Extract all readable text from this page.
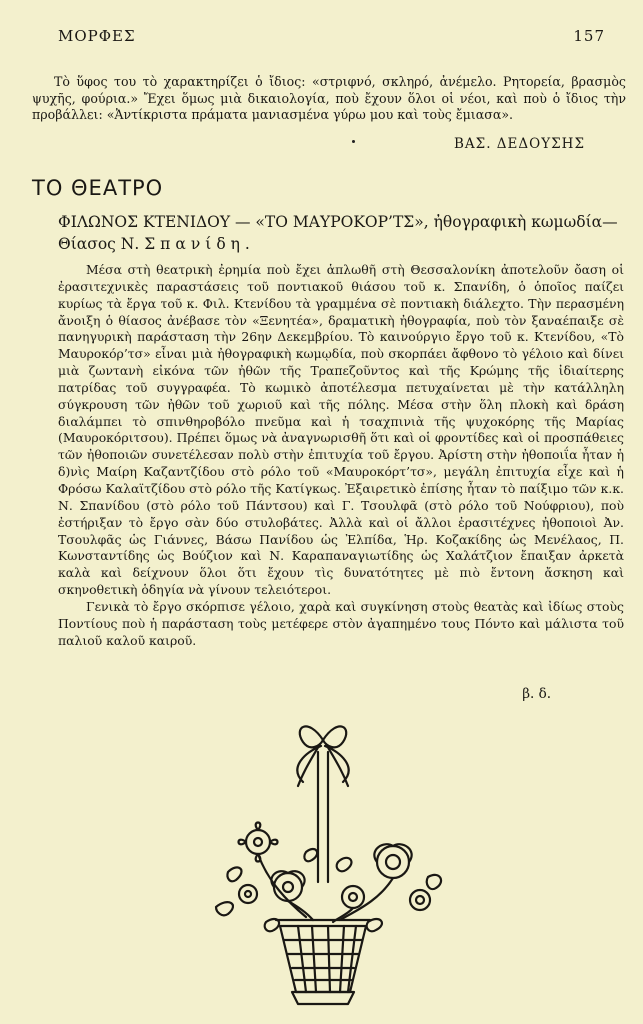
ΜΟΡΦΕΣ	157

Τὸ ὕφος του τὸ χαρακτηρίζει ὁ ἴδιος: «στριφνό, σκληρό, ἀνέμελο. Ρητορεία, βρασμὸς ψυχῆς, φούρια.» Ἔχει ὅμως μιὰ δικαιολογία, ποὺ ἔχουν ὅλοι οἱ νέοι, καὶ ποὺ ὁ ἴδιος τὴν προβάλλει: «Ἀντίκριστα πράματα μανιασμένα γύρω μου καὶ τοὺς ἔμιασα».

ΒΑΣ. ΔΕΔΟΥΣΗΣ
ΤΟ ΘΕΑΤΡΟ
ΦΙΛΩΝΟΣ ΚΤΕΝΙΔΟΥ — «ΤΟ ΜΑΥΡΟΚΟΡ’ΤΣ», ἠθογραφικὴ κωμωδία—Θίασος Ν. Σπανίδη.

Μέσα στὴ θεατρικὴ ἐρημία ποὺ ἔχει ἁπλωθῆ στὴ Θεσσαλονίκη ἀποτελοῦν ὄαση οἱ ἐρασιτεχνικὲς παραστάσεις τοῦ ποντιακοῦ θιάσου τοῦ κ. Σπανίδη, ὁ ὁποῖος παίζει κυρίως τὰ ἔργα τοῦ κ. Φιλ. Κτενίδου τὰ γραμμένα σὲ ποντιακὴ διάλεχτο. Τὴν περασμένη ἄνοιξη ὁ θίασος ἀνέβασε τὸν «Ξενητέα», δραματικὴ ἠθογραφία, ποὺ τὸν ξαναέπαιξε σὲ πανηγυρικὴ παράσταση τὴν 26ην Δεκεμβρίου. Τὸ καινούργιο ἔργο τοῦ κ. Κτενίδου, «Τὸ Μαυροκόρ’τσ» εἶναι μιὰ ἠθογραφικὴ κωμῳδία, ποὺ σκορπάει ἄφθονο τὸ γέλοιο καὶ δίνει μιὰ ζωντανὴ εἰκόνα τῶν ἠθῶν τῆς Τραπεζοῦντος καὶ τῆς Κρώμης τῆς ἰδιαίτερης πατρίδας τοῦ συγγραφέα. Τὸ κωμικὸ ἀποτέλεσμα πετυχαίνεται μὲ τὴν κατάλληλη σύγκρουση τῶν ἠθῶν τοῦ χωριοῦ καὶ τῆς πόλης. Μέσα στὴν ὅλη πλοκὴ καὶ δράση διαλάμπει τὸ σπινθηροβόλο πνεῦμα καὶ ἡ τσαχπινιὰ τῆς ψυχοκόρης τῆς Μαρίας (Μαυροκόριτσου). Πρέπει ὅμως νὰ ἀναγνωρισθῆ ὅτι καὶ οἱ φροντίδες καὶ οἱ προσπάθειες τῶν ἠθοποιῶν συνετέλεσαν πολὺ στὴν ἐπιτυχία τοῦ ἔργου. Ἀρίστη στὴν ἠθοποιΐα ἦταν ἡ δ)νὶς Μαίρη Καζαντζίδου στὸ ρόλο τοῦ «Μαυροκόρτ’τσ», μεγάλη ἐπιτυχία εἶχε καὶ ἡ Φρόσω Καλαϊτζίδου στὸ ρόλο τῆς Κατίγκως. Ἐξαιρετικὸ ἐπίσης ἦταν τὸ παίξιμο τῶν κ.κ. Ν. Σπανίδου (στὸ ρόλο τοῦ Πάντσου) καὶ Γ. Τσουλφᾶ (στὸ ρόλο τοῦ Νούφριου), ποὺ ἐστήριξαν τὸ ἔργο σὰν δύο στυλοβάτες. Ἀλλὰ καὶ οἱ ἄλλοι ἐρασιτέχνες ἠθοποιοὶ Ἀν. Τσουλφᾶς ὡς Γιάννες, Βάσω Πανίδου ὡς Ἐλπίδα, Ἡρ. Κοζακίδης ὡς Μενέλαος, Π. Κωνσταντίδης ὡς Βούζιον καὶ Ν. Καραπαναγιωτίδης ὡς Χαλάτζιον ἔπαιξαν ἀρκετὰ καλὰ καὶ δείχνουν ὅλοι ὅτι ἔχουν τὶς δυνατότητες μὲ πιὸ ἔντονη ἄσκηση καὶ σκηνοθετικὴ ὁδηγία νὰ γίνουν τελειότεροι.

Γενικὰ τὸ ἔργο σκόρπισε γέλοιο, χαρὰ καὶ συγκίνηση στοὺς θεατὰς καὶ ἰδίως στοὺς Ποντίους ποὺ ἡ παράσταση τοὺς μετέφερε στὸν ἀγαπημένο τους Πόντο καὶ μάλιστα τοῦ παλιοῦ καλοῦ καιροῦ.

β. δ.
